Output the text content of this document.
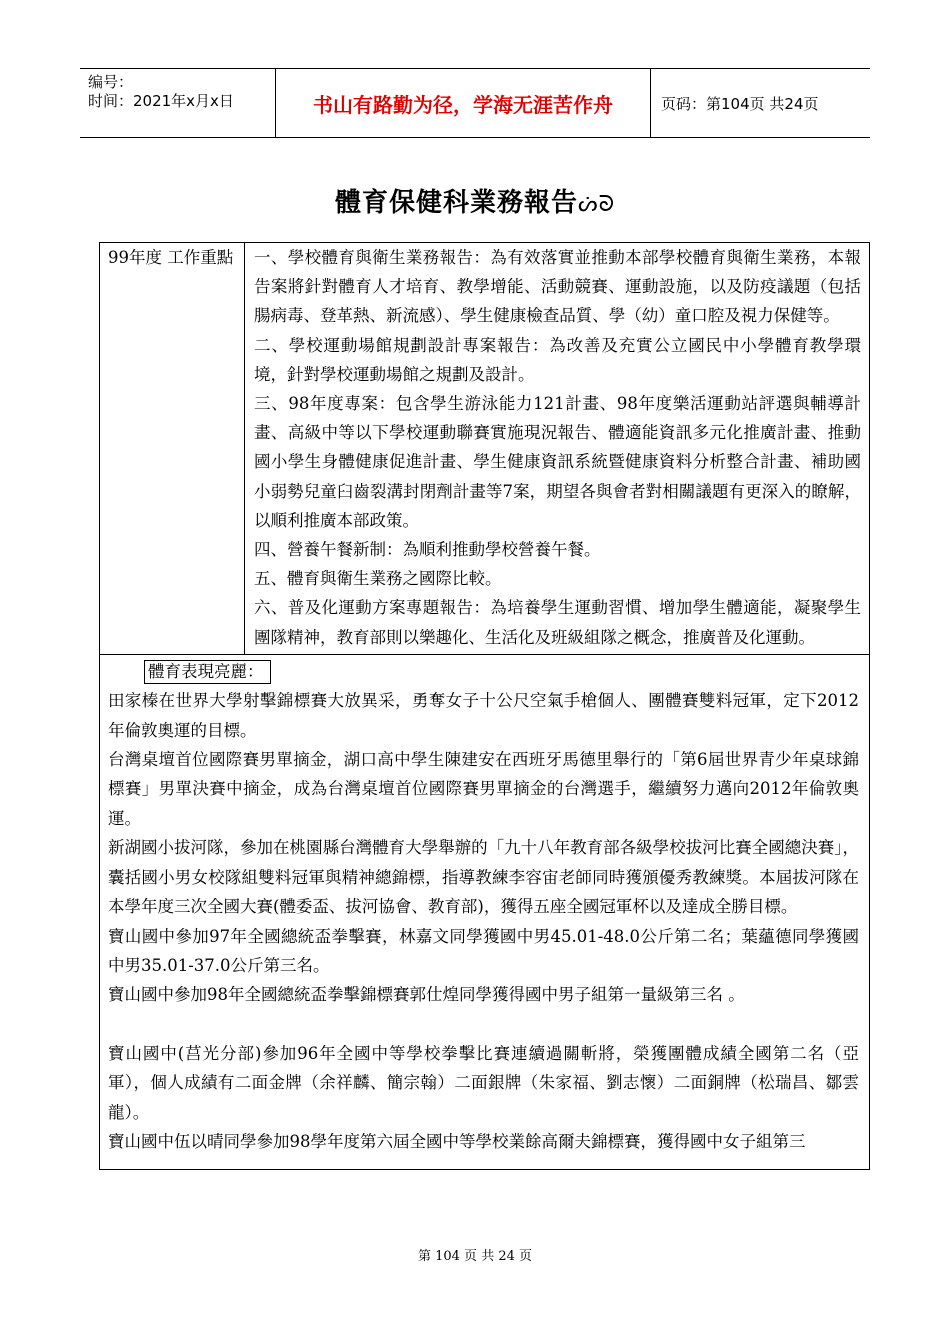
编号：
时间：2021年x月x日	书山有路勤为径，学海无涯苦作舟	页码：第104页 共24页
體育保健科業務報告ᔖᘐ
99年度 工作重點	一、學校體育與衛生業務報告：為有效落實並推動本部學校體育與衛生業務，本報告案將針對體育人才培育、教學增能、活動競賽、運動設施，以及防疫議題（包括腸病毒、登革熱、新流感）、學生健康檢查品質、學（幼）童口腔及視力保健等。

二、學校運動場館規劃設計專案報告：為改善及充實公立國民中小學體育教學環境，針對學校運動場館之規劃及設計。

三、98年度專案：包含學生游泳能力121計畫、98年度樂活運動站評選與輔導計畫、高級中等以下學校運動聯賽實施現況報告、體適能資訊多元化推廣計畫、推動國小學生身體健康促進計畫、學生健康資訊系統暨健康資料分析整合計畫、補助國小弱勢兒童臼齒裂溝封閉劑計畫等7案，期望各與會者對相關議題有更深入的瞭解，以順利推廣本部政策。

四、營養午餐新制：為順利推動學校營養午餐。

五、體育與衛生業務之國際比較。

六、普及化運動方案專題報告：為培養學生運動習慣、增加學生體適能，凝聚學生團隊精神，教育部則以樂趣化、生活化及班級組隊之概念，推廣普及化運動。

體育表現亮麗：

田家榛在世界大學射擊錦標賽大放異采，勇奪女子十公尺空氣手槍個人、團體賽雙料冠軍，定下2012年倫敦奧運的目標。

台灣桌壇首位國際賽男單摘金，湖口高中學生陳建安在西班牙馬德里舉行的「第6屆世界青少年桌球錦標賽」男單決賽中摘金，成為台灣桌壇首位國際賽男單摘金的台灣選手，繼續努力邁向2012年倫敦奧運。

新湖國小拔河隊，參加在桃園縣台灣體育大學舉辦的「九十八年教育部各級學校拔河比賽全國總決賽」，囊括國小男女校隊組雙料冠軍與精神總錦標，指導教練李容宙老師同時獲頒優秀教練獎。本屆拔河隊在本學年度三次全國大賽(體委盃、拔河協會、教育部)，獲得五座全國冠軍杯以及達成全勝目標。

寶山國中參加97年全國總統盃拳擊賽，林嘉文同學獲國中男45.01-48.0公斤第二名；葉蘊德同學獲國中男35.01-37.0公斤第三名。

寶山國中參加98年全國總統盃拳擊錦標賽郭仕煌同學獲得國中男子組第一量級第三名 。

寶山國中(莒光分部)參加96年全國中等學校拳擊比賽連續過關斬將，榮獲團體成績全國第二名（亞軍），個人成績有二面金牌（余祥麟、簡宗翰）二面銀牌（朱家福、劉志懷）二面銅牌（松瑞昌、鄒雲龍）。

寶山國中伍以晴同學參加98學年度第六屆全國中等學校業餘高爾夫錦標賽，獲得國中女子組第三

第 104 页 共 24 页
